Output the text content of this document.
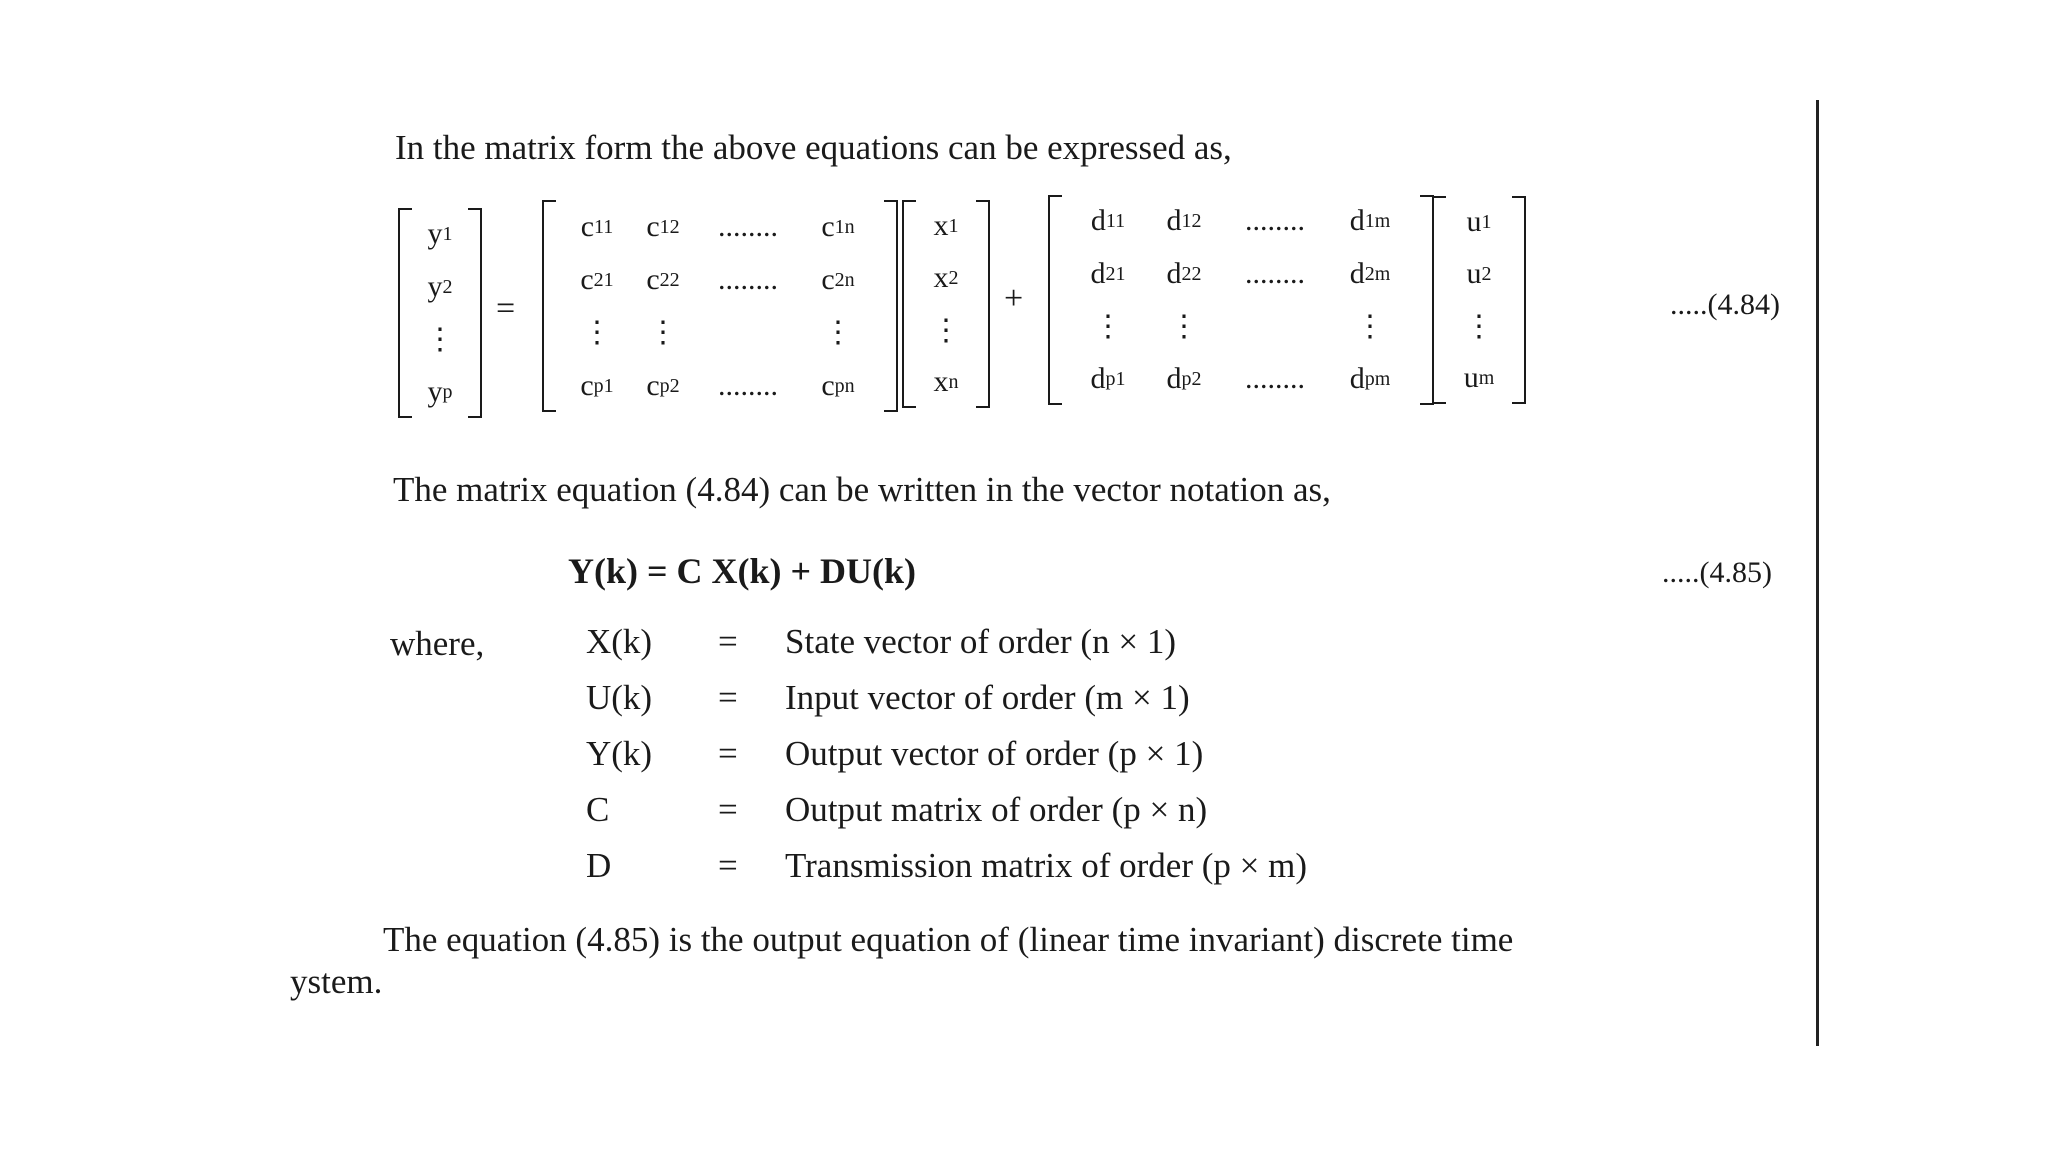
In the matrix form the above equations can be expressed as,
y 1
y 2
⋮
y p
=
c 11 c 12 ........ c 1n
c 21 c 22 ........ c 2n
⋮ ⋮	⋮
c p1 c p2 ........ c pn
x 1
x 2
⋮
x n
+
d 11 d 12 ........ d 1m
d 21 d 22 ........ d 2m
⋮ ⋮	⋮
d p1 d p2 ........ d pm
u 1
u 2
⋮
u m
.....(4.84)
The matrix equation (4.84) can be written in the vector notation as,
Y(k) = C X(k) + DU(k)	.....(4.85)
where,	X(k) = State vector of order (n × 1)
U(k) = Input vector of order (m × 1)
Y(k) = Output vector of order (p × 1)
C	= Output matrix of order (p × n)
D	= Transmission matrix of order (p × m)
The equation (4.85) is the output equation of (linear time invariant) discrete time
ystem.
